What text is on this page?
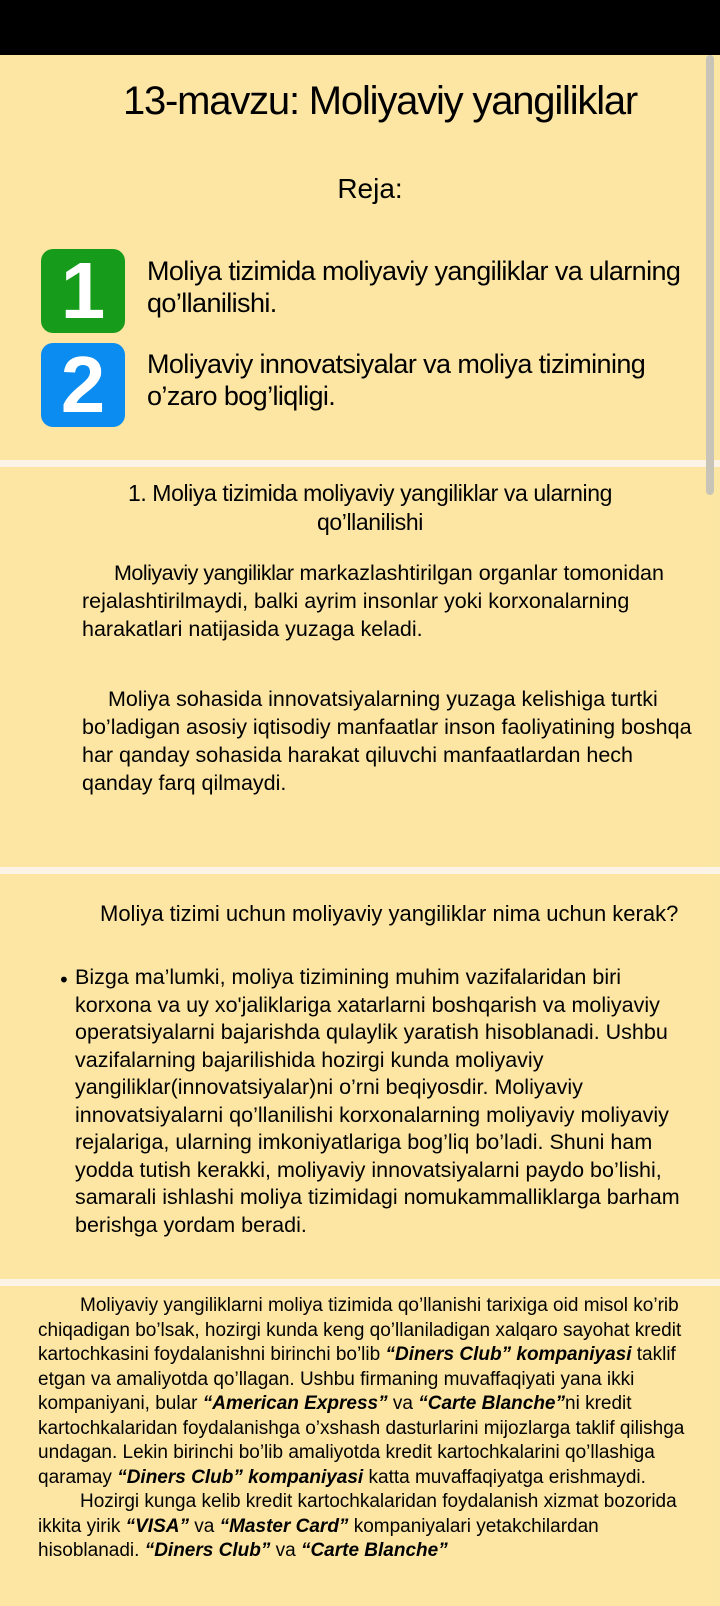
13-mavzu: Moliyaviy yangiliklar
Reja:
1	Moliya tizimida moliyaviy yangiliklar va ularning qo’llanilishi.
2	Moliyaviy innovatsiyalar va moliya tizimining o’zaro bog’liqligi.
1. Moliya tizimida moliyaviy yangiliklar va ularning qo’llanilishi
Moliyaviy yangiliklar markazlashtirilgan organlar tomonidan rejalashtirilmaydi, balki ayrim insonlar yoki korxonalarning harakatlari natijasida yuzaga keladi.
Moliya sohasida innovatsiyalarning yuzaga kelishiga turtki bo’ladigan asosiy iqtisodiy manfaatlar inson faoliyatining boshqa har qanday sohasida harakat qiluvchi manfaatlardan hech qanday farq qilmaydi.
Moliya tizimi uchun moliyaviy yangiliklar nima uchun kerak?
• Bizga ma’lumki, moliya tizimining muhim vazifalaridan biri korxona va uy xo'jaliklariga xatarlarni boshqarish va moliyaviy operatsiyalarni bajarishda qulaylik yaratish hisoblanadi. Ushbu vazifalarning bajarilishida hozirgi kunda moliyaviy yangiliklar(innovatsiyalar)ni o’rni beqiyosdir. Moliyaviy innovatsiyalarni qo’llanilishi korxonalarning moliyaviy moliyaviy rejalariga, ularning imkoniyatlariga bog’liq bo’ladi. Shuni ham yodda tutish kerakki, moliyaviy innovatsiyalarni paydo bo’lishi, samarali ishlashi moliya tizimidagi nomukammalliklarga barham berishga yordam beradi.
Moliyaviy yangiliklarni moliya tizimida qo’llanishi tarixiga oid misol ko’rib chiqadigan bo’lsak, hozirgi kunda keng qo’llaniladigan xalqaro sayohat kredit kartochkasini foydalanishni birinchi bo’lib “Diners Club” kompaniyasi taklif etgan va amaliyotda qo’llagan. Ushbu firmaning muvaffaqiyati yana ikki kompaniyani, bular “American Express” va “Carte Blanche”ni kredit kartochkalaridan foydalanishga o’xshash dasturlarini mijozlarga taklif qilishga undagan. Lekin birinchi bo’lib amaliyotda kredit kartochkalarini qo’llashiga qaramay “Diners Club” kompaniyasi katta muvaffaqiyatga erishmaydi.
Hozirgi kunga kelib kredit kartochkalaridan foydalanish xizmat bozorida ikkita yirik “VISA” va “Master Card” kompaniyalari yetakchilardan hisoblanadi. “Diners Club” va “Carte Blanche”
